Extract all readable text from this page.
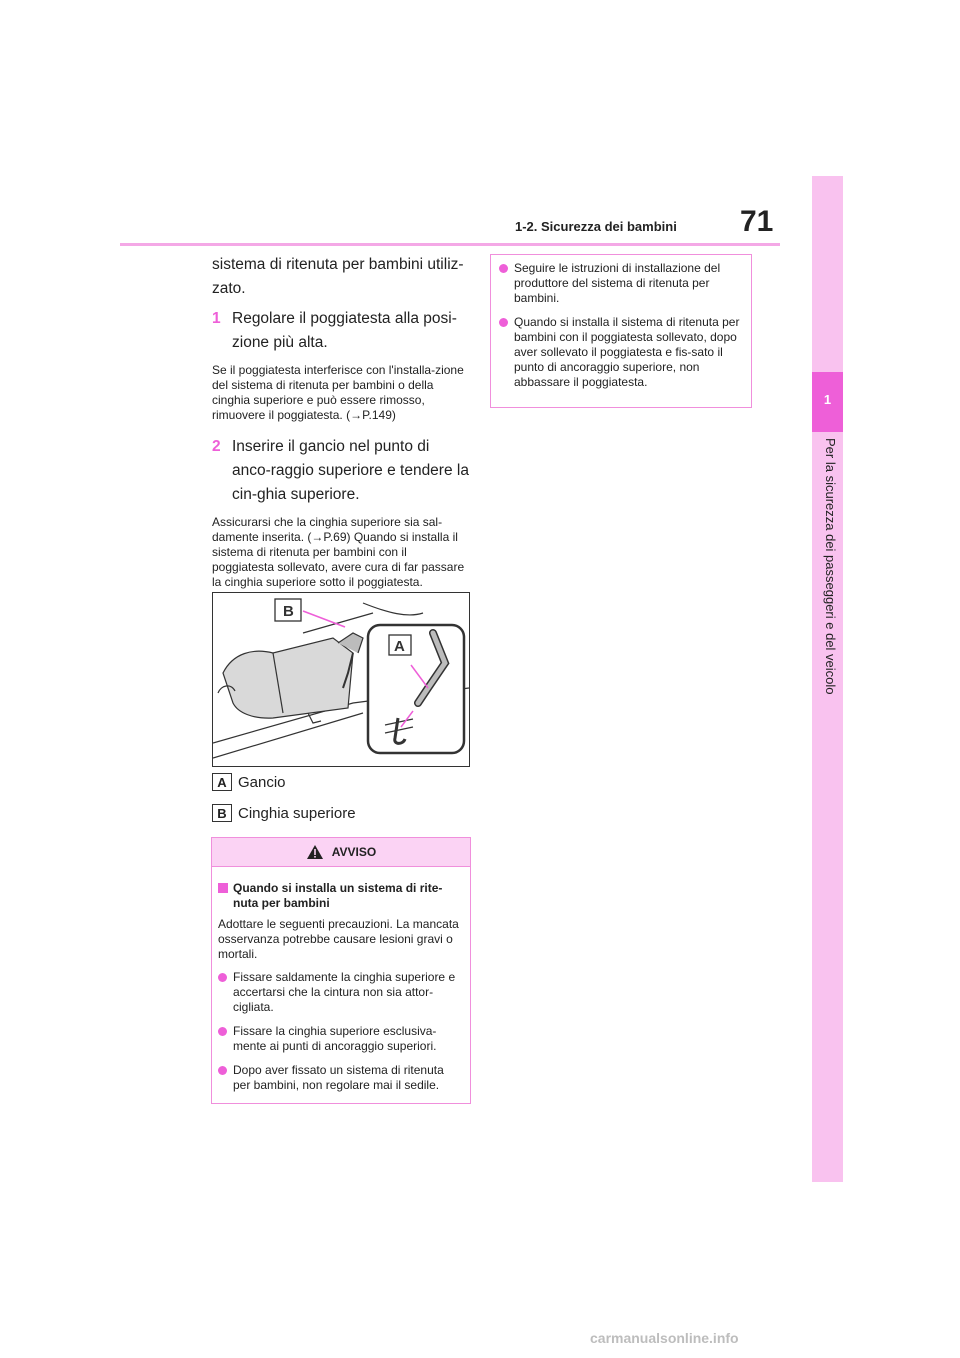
71
1-2. Sicurezza dei bambini
1
Per la sicurezza dei passeggeri e del veicolo

sistema di ritenuta per bambini utiliz-zato.

1 Regolare il poggiatesta alla posi-zione più alta.

Se il poggiatesta interferisce con l'installa-zione del sistema di ritenuta per bambini o della cinghia superiore e può essere rimosso, rimuovere il poggiatesta. (→P.149)

2 Inserire il gancio nel punto di anco-raggio superiore e tendere la cin-ghia superiore.

Assicurarsi che la cinghia superiore sia sal-damente inserita. (→P.69) Quando si installa il sistema di ritenuta per bambini con il poggiatesta sollevato, avere cura di far passare la cinghia superiore sotto il poggiatesta.

B
A
A Gancio
B Cinghia superiore
AVVISO
Quando si installa un sistema di rite-nuta per bambini

Adottare le seguenti precauzioni. La mancata osservanza potrebbe causare lesioni gravi o mortali.

Fissare saldamente la cinghia superiore e accertarsi che la cintura non sia attor-cigliata.
Fissare la cinghia superiore esclusiva-mente ai punti di ancoraggio superiori.
Dopo aver fissato un sistema di ritenuta per bambini, non regolare mai il sedile.
Seguire le istruzioni di installazione del produttore del sistema di ritenuta per bambini.
Quando si installa il sistema di ritenuta per bambini con il poggiatesta sollevato, dopo aver sollevato il poggiatesta e fis-sato il punto di ancoraggio superiore, non abbassare il poggiatesta.
carmanualsonline.info
